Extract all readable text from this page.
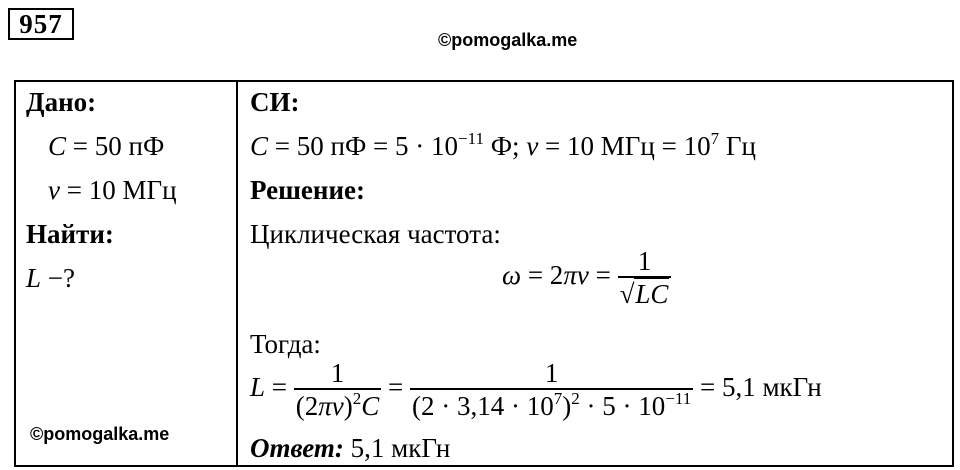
957
©pomogalka.me
Дано:
C = 50 пФ
ν = 10 МГц
Найти:
L −?
СИ:
C = 50 пФ = $5 \cdot 10^{-11}$ Ф; ν = 10 МГц = $10^7$ Гц
Решение:
Циклическая частота:
$\omega = 2\pi\nu = \frac{1}{√LC}$
Тогда:
$L = \frac{1}{(2\pi\nu)^2C} = \frac{1}{(2 \cdot 3,14 \cdot 10^7)^2 \cdot 5 \cdot 10^{-11}} = 5,1$ мкГн
Ответ: 5,1 мкГн
©pomogalka.me
